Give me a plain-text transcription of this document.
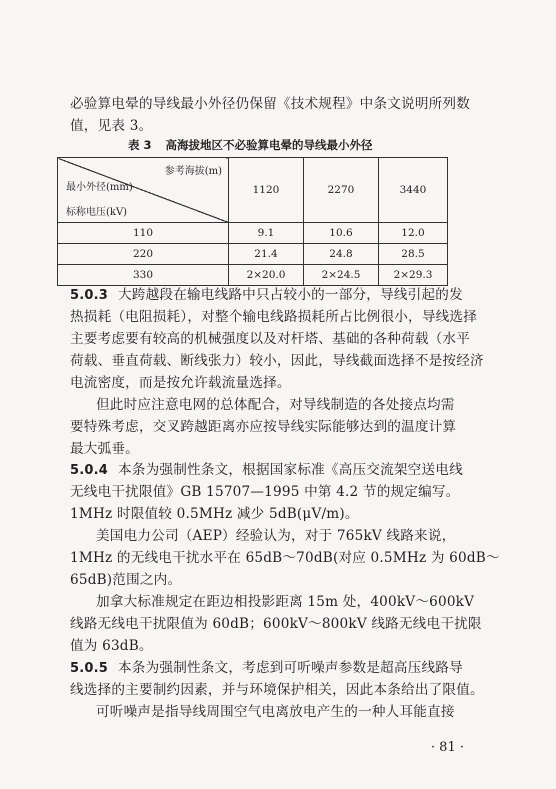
必验算电晕的导线最小外径仍保留《技术规程》中条文说明所列数
值，见表 3。
表 3 高海拔地区不必验算电晕的导线最小外径
参考海拔(m)
最小外径(mm)
标称电压(kV)	1120	2270	3440
110	9.1	10.6	12.0
220	21.4	24.8	28.5
330	2×20.0	2×24.5	2×29.3
5.0.3 大跨越段在输电线路中只占较小的一部分，导线引起的发
热损耗（电阻损耗），对整个输电线路损耗所占比例很小，导线选择
主要考虑要有较高的机械强度以及对杆塔、基础的各种荷载（水平
荷载、垂直荷载、断线张力）较小，因此，导线截面选择不是按经济
电流密度，而是按允许载流量选择。
但此时应注意电网的总体配合，对导线制造的各处接点均需
要特殊考虑，交叉跨越距离亦应按导线实际能够达到的温度计算
最大弧垂。
5.0.4 本条为强制性条文，根据国家标准《高压交流架空送电线
无线电干扰限值》GB 15707—1995 中第 4.2 节的规定编写。
1MHz 时限值较 0.5MHz 减少 5dB(μV/m)。
美国电力公司（AEP）经验认为，对于 765kV 线路来说，
1MHz 的无线电干扰水平在 65dB～70dB(对应 0.5MHz 为 60dB～
65dB)范围之内。
加拿大标准规定在距边相投影距离 15m 处，400kV～600kV
线路无线电干扰限值为 60dB；600kV～800kV 线路无线电干扰限
值为 63dB。
5.0.5 本条为强制性条文，考虑到可听噪声参数是超高压线路导
线选择的主要制约因素，并与环境保护相关，因此本条给出了限值。
可听噪声是指导线周围空气电离放电产生的一种人耳能直接
· 81 ·
